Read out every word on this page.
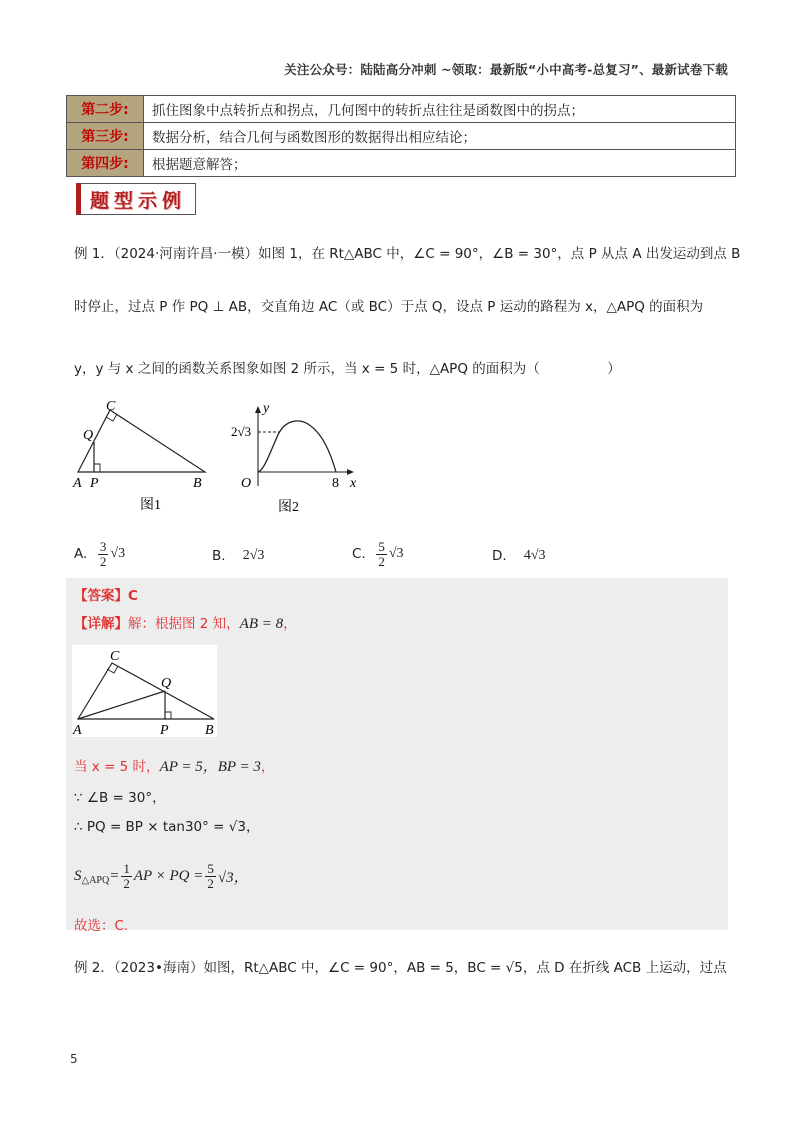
关注公众号：陆陆高分冲刺 ~领取：最新版“小中高考-总复习”、最新试卷下载
第二步:	抓住图象中点转折点和拐点，几何图中的转折点往往是函数图中的拐点；
第三步:	数据分析，结合几何与函数图形的数据得出相应结论；
第四步:	根据题意解答；
题型示例
例 1．（2024·河南许昌·一模）如图 1，在 Rt△ABC 中，∠C = 90°，∠B = 30°，点 P 从点 A 出发运动到点 B
时停止，过点 P 作 PQ ⊥ AB，交直角边 AC（或 BC）于点 Q，设点 P 运动的路程为 x，△APQ 的面积为
y，y 与 x 之间的函数关系图象如图 2 所示，当 x = 5 时，△APQ 的面积为（　　　　　）
C
Q
A P	B
图1
y
2√3
O	8 x
图2
A.
$\frac{3}{2} √3$	B.
2 √3	C.
$\frac{5}{2} √3$	D.
4 √3
【答案】C
【详解】解：根据图 2 知，AB = 8，
C
Q
A	P	B
当 x = 5 时，AP = 5，BP = 3，
∵ ∠B = 30°，
∴ PQ = BP × tan30° = √3，
S △APQ = $\frac{1}{2}$ AP × PQ = $\frac{5}{2} √3$，
故选：C.
例 2．（2023•海南）如图，Rt△ABC 中，∠C = 90°，AB = 5，BC = √5，点 D 在折线 ACB 上运动，过点
5
